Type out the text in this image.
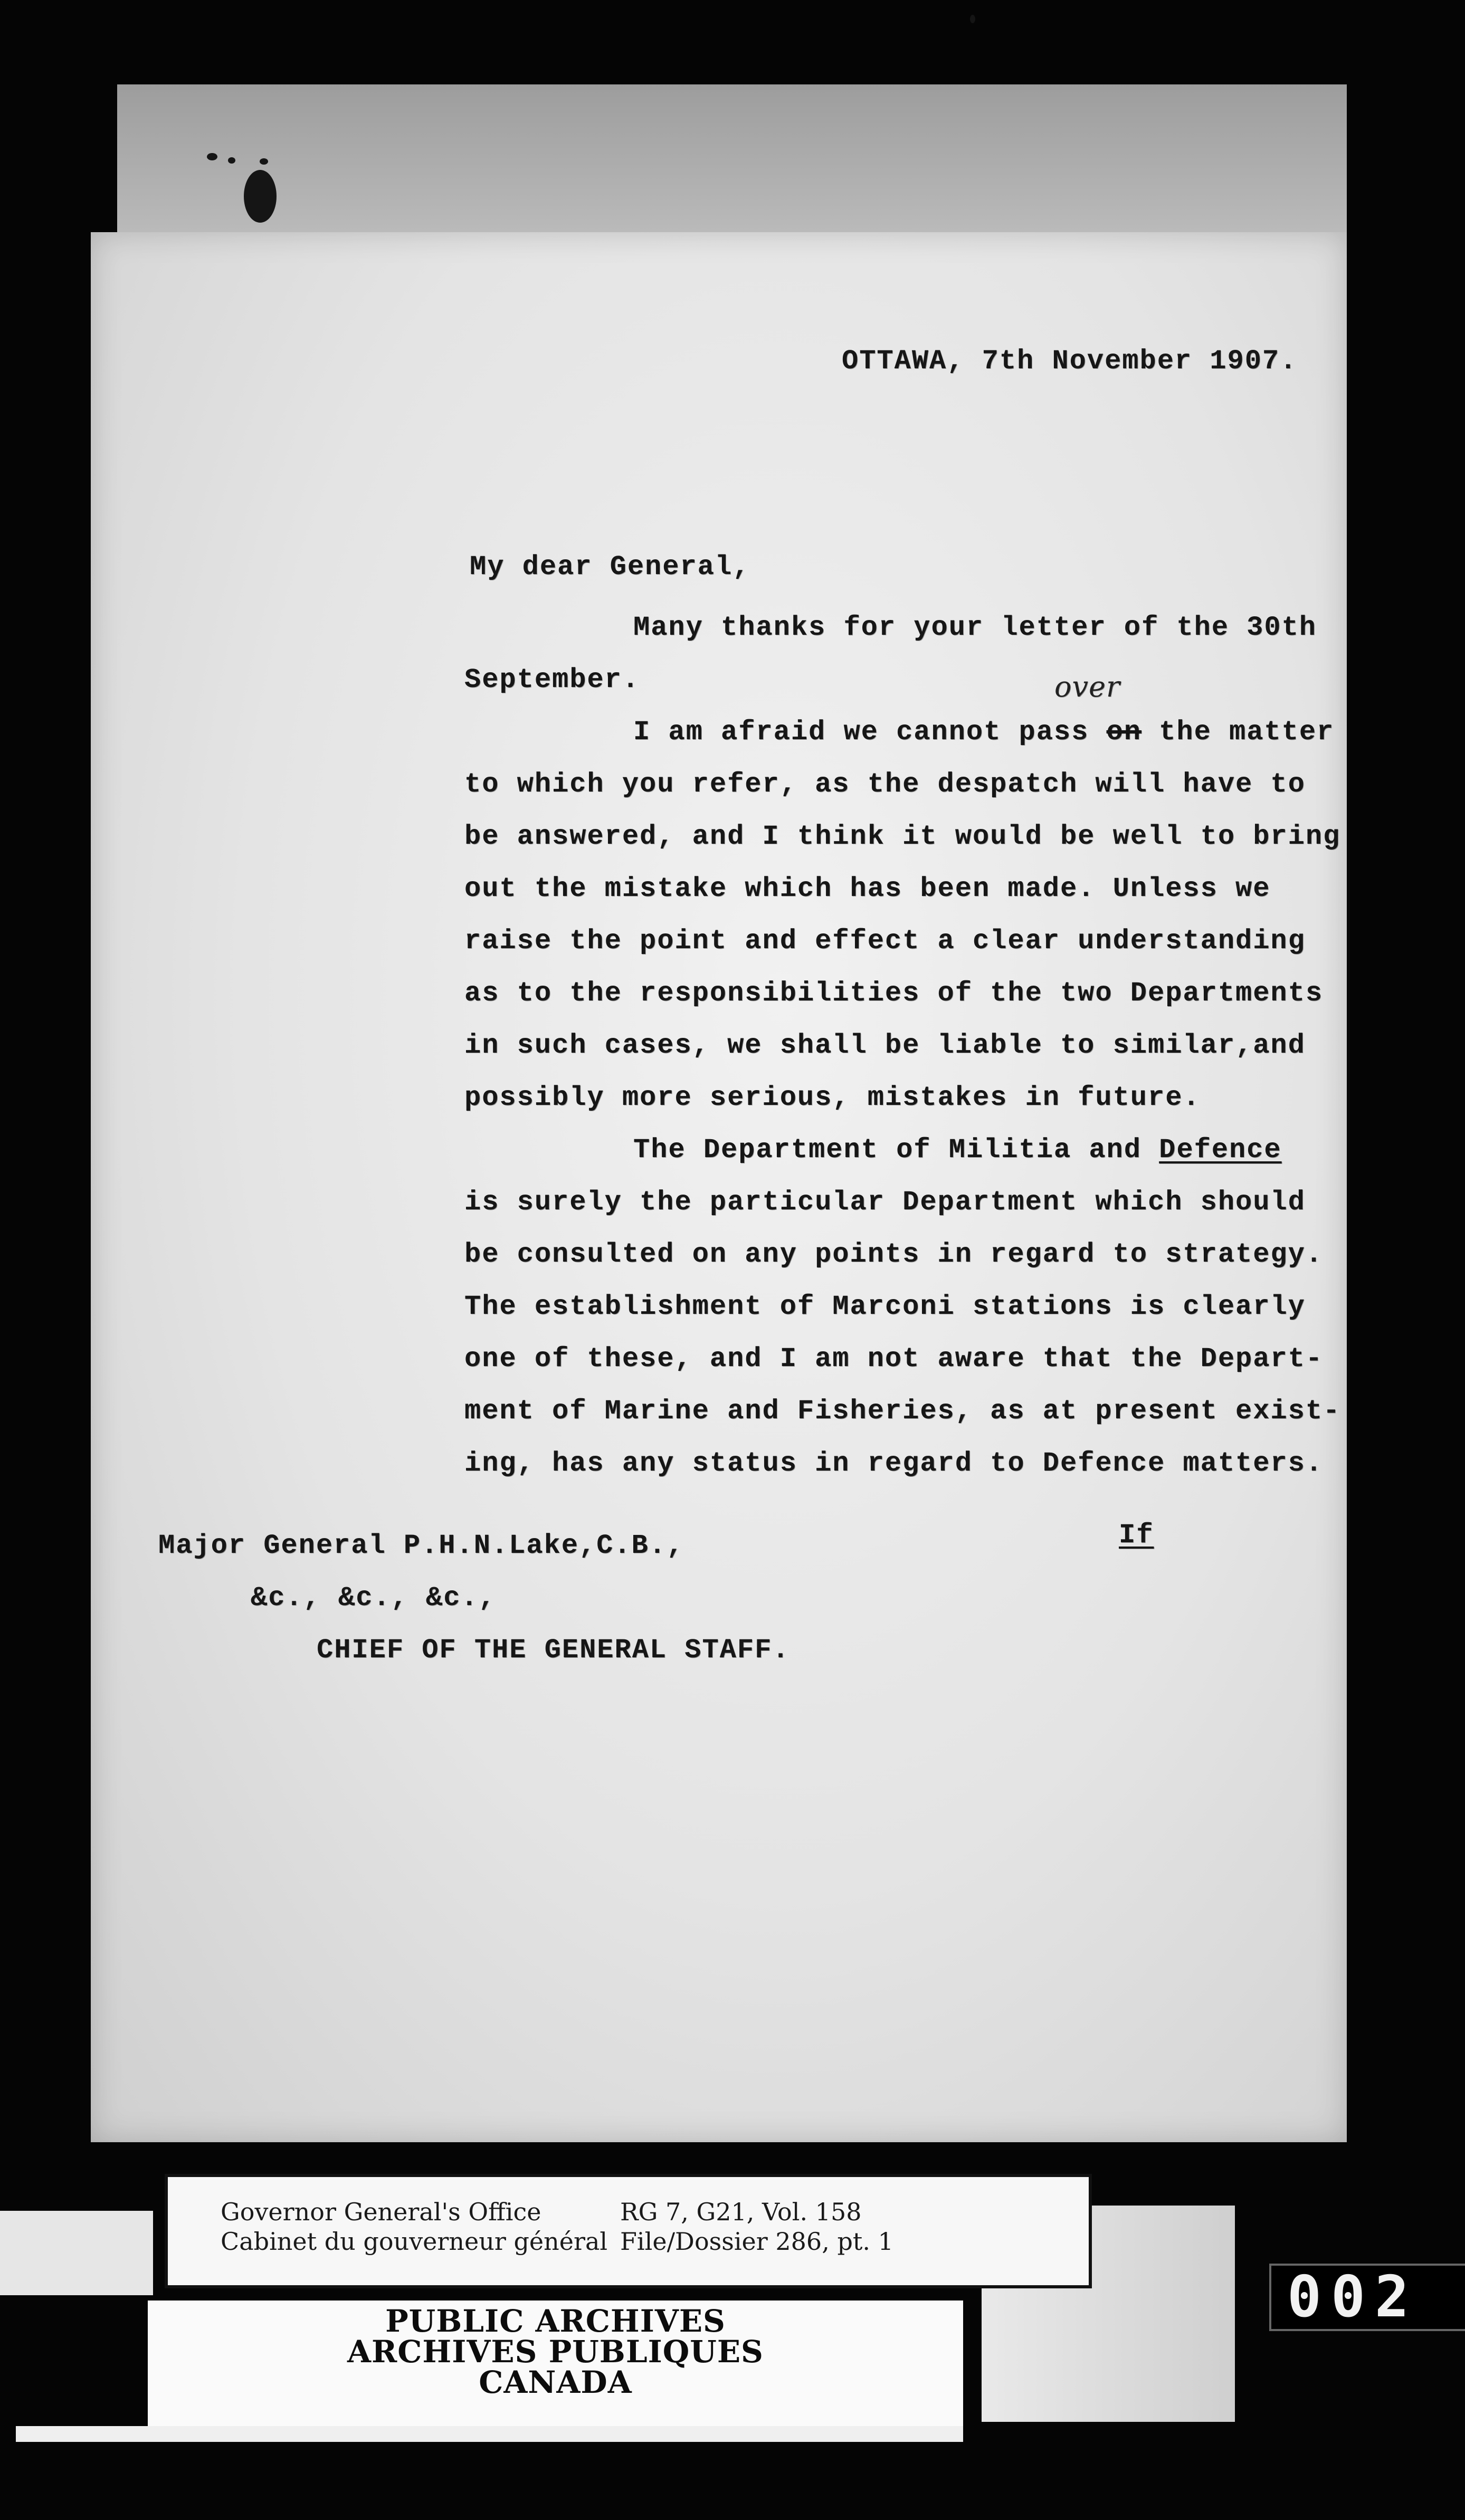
OTTAWA, 7th November 1907.
My dear General,
over
Many thanks for your letter of the 30th
September.
I am afraid we cannot pass on the matter
to which you refer, as the despatch will have to
be answered, and I think it would be well to bring
out the mistake which has been made. Unless we
raise the point and effect a clear understanding
as to the responsibilities of the two Departments
in such cases, we shall be liable to similar,and
possibly more serious, mistakes in future.
The Department of Militia and Defence
is surely the particular Department which should
be consulted on any points in regard to strategy.
The establishment of Marconi stations is clearly
one of these, and I am not aware that the Depart-
ment of Marine and Fisheries, as at present exist-
ing, has any status in regard to Defence matters.
Major General P.H.N.Lake,C.B.,
&c., &c., &c.,
CHIEF OF THE GENERAL STAFF.
If
Governor General's Office
Cabinet du gouverneur général
RG 7, G21, Vol. 158
File/Dossier 286, pt. 1
PUBLIC ARCHIVES
ARCHIVES PUBLIQUES
CANADA
002
